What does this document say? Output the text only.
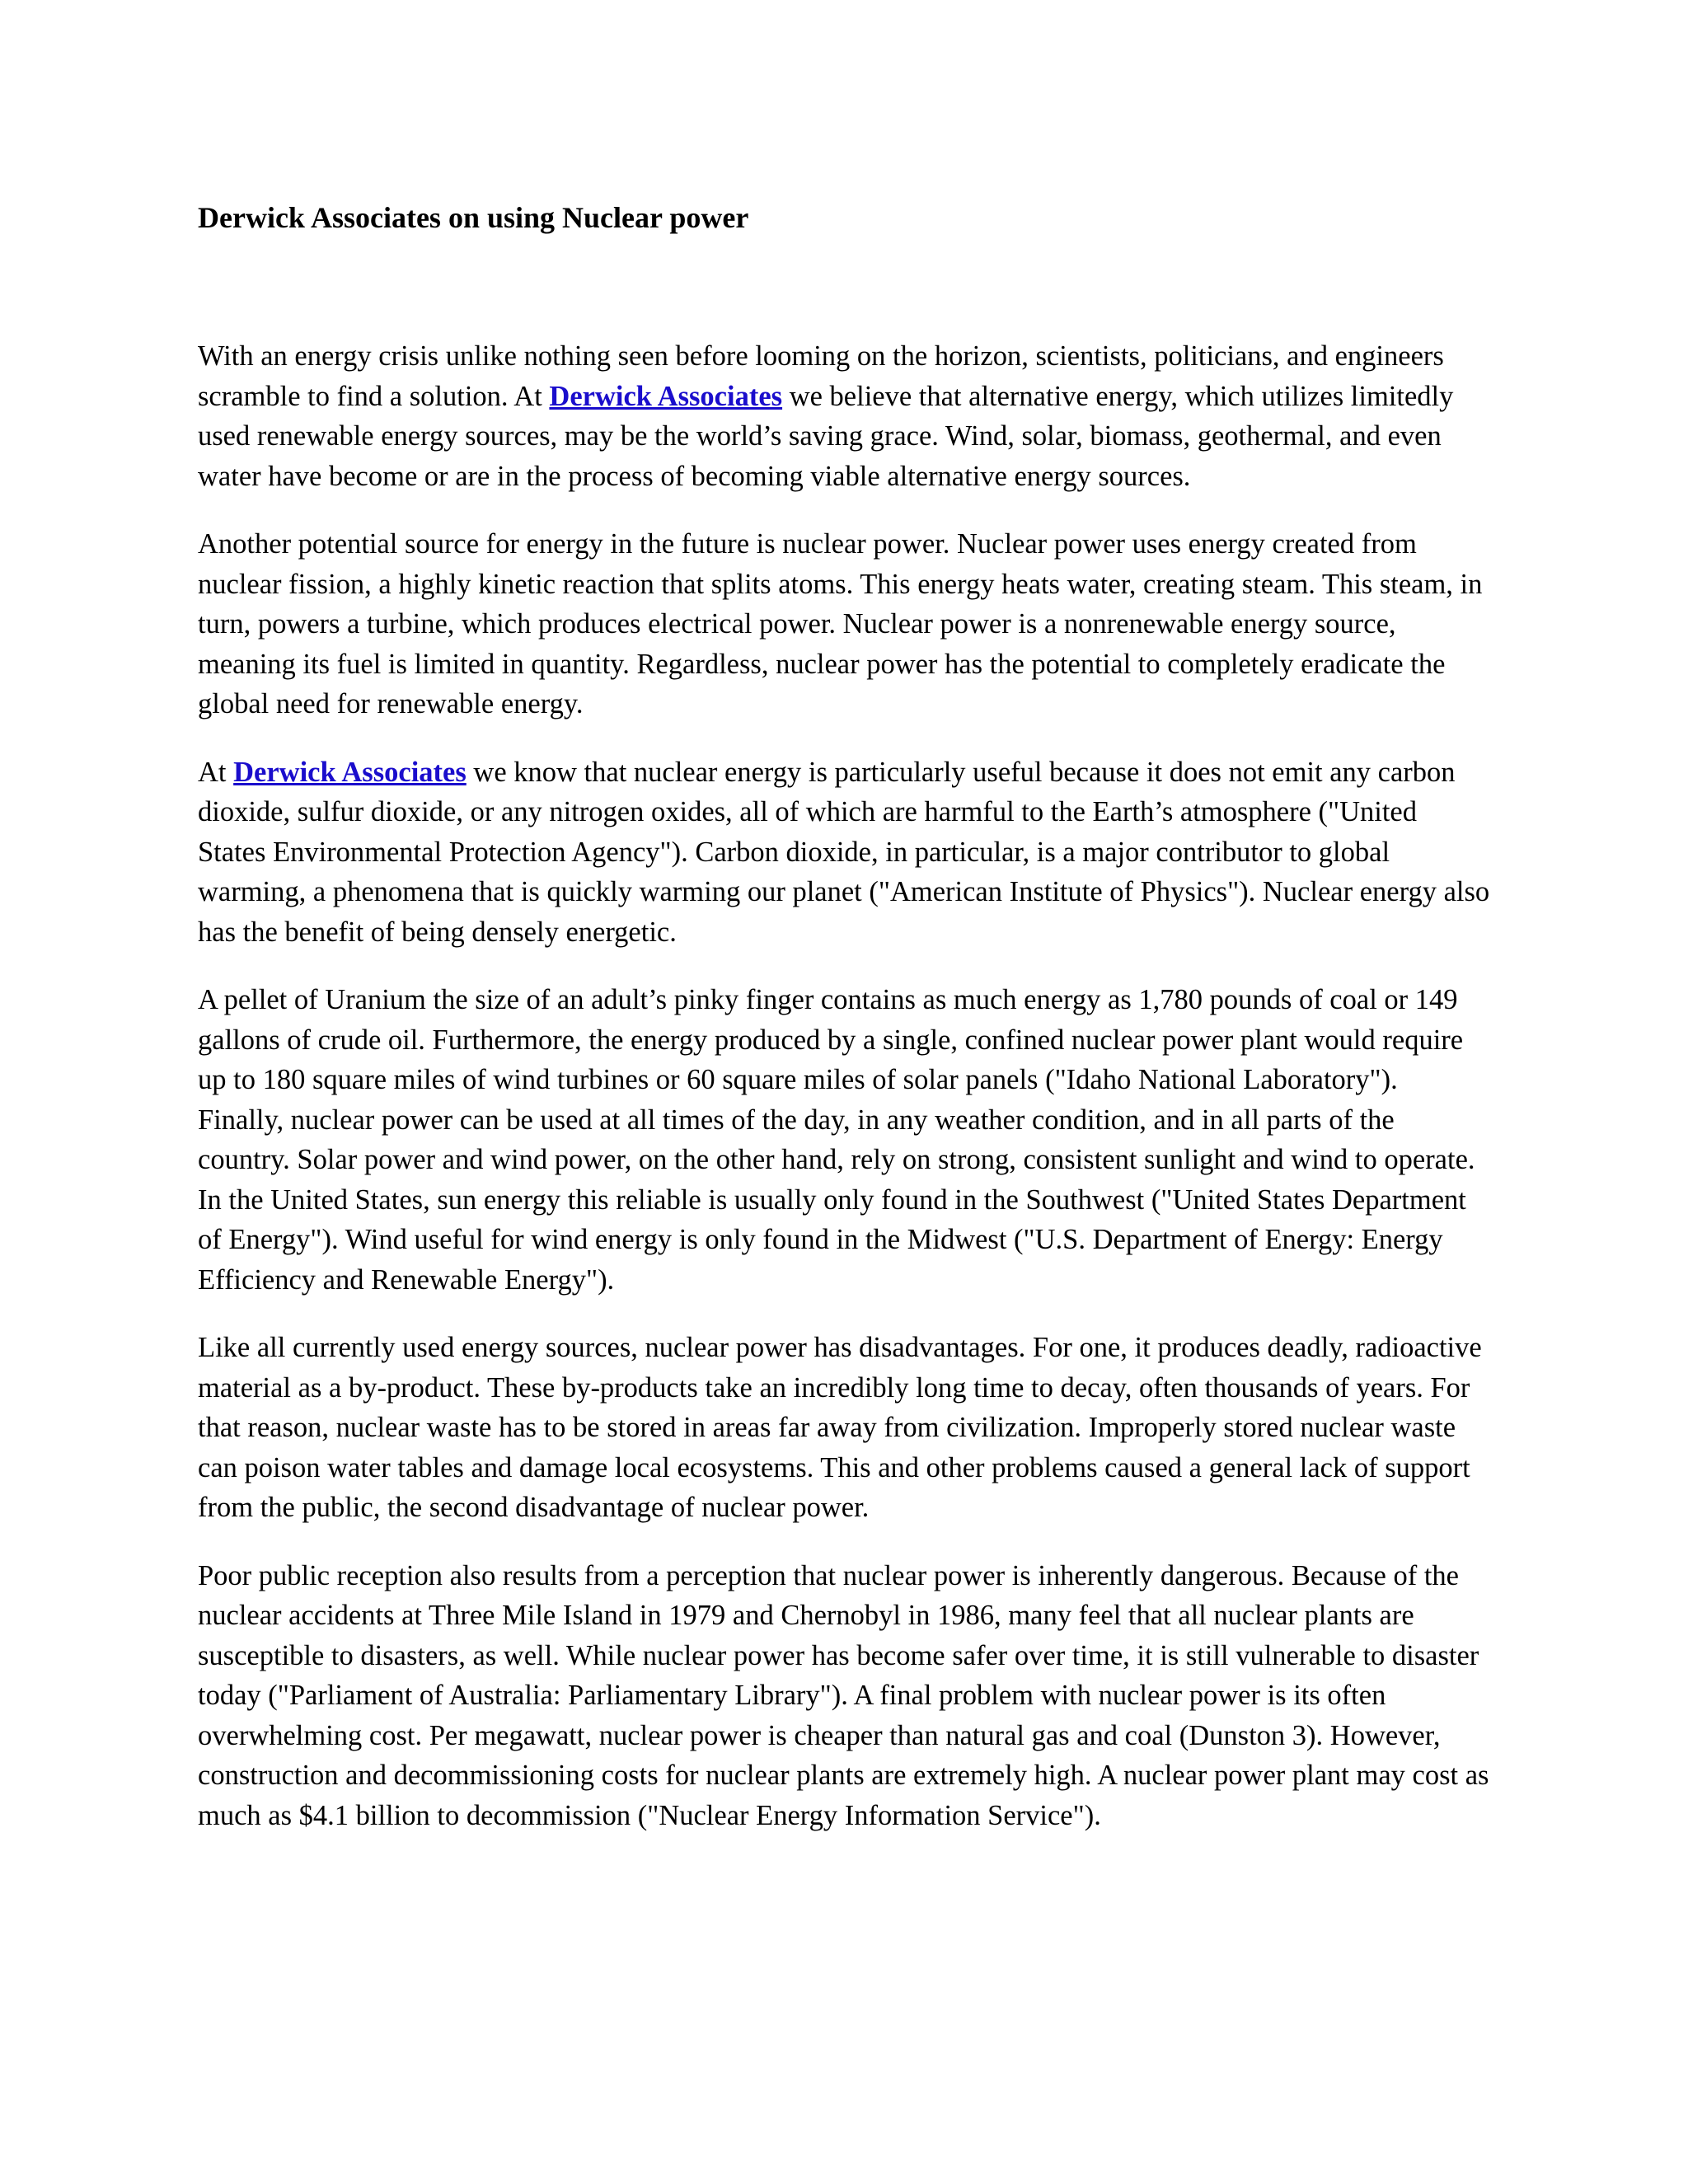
Derwick Associates on using Nuclear power

With an energy crisis unlike nothing seen before looming on the horizon, scientists, politicians, and engineers scramble to find a solution. At Derwick Associates we believe that alternative energy, which utilizes limitedly used renewable energy sources, may be the world’s saving grace. Wind, solar, biomass, geothermal, and even water have become or are in the process of becoming viable alternative energy sources.

Another potential source for energy in the future is nuclear power. Nuclear power uses energy created from nuclear fission, a highly kinetic reaction that splits atoms. This energy heats water, creating steam. This steam, in turn, powers a turbine, which produces electrical power. Nuclear power is a nonrenewable energy source, meaning its fuel is limited in quantity. Regardless, nuclear power has the potential to completely eradicate the global need for renewable energy.

At Derwick Associates we know that nuclear energy is particularly useful because it does not emit any carbon dioxide, sulfur dioxide, or any nitrogen oxides, all of which are harmful to the Earth’s atmosphere ("United States Environmental Protection Agency"). Carbon dioxide, in particular, is a major contributor to global warming, a phenomena that is quickly warming our planet ("American Institute of Physics"). Nuclear energy also has the benefit of being densely energetic.

A pellet of Uranium the size of an adult’s pinky finger contains as much energy as 1,780 pounds of coal or 149 gallons of crude oil. Furthermore, the energy produced by a single, confined nuclear power plant would require up to 180 square miles of wind turbines or 60 square miles of solar panels ("Idaho National Laboratory"). Finally, nuclear power can be used at all times of the day, in any weather condition, and in all parts of the country. Solar power and wind power, on the other hand, rely on strong, consistent sunlight and wind to operate. In the United States, sun energy this reliable is usually only found in the Southwest ("United States Department of Energy"). Wind useful for wind energy is only found in the Midwest ("U.S. Department of Energy: Energy Efficiency and Renewable Energy").

Like all currently used energy sources, nuclear power has disadvantages. For one, it produces deadly, radioactive material as a by-product. These by-products take an incredibly long time to decay, often thousands of years. For that reason, nuclear waste has to be stored in areas far away from civilization. Improperly stored nuclear waste can poison water tables and damage local ecosystems. This and other problems caused a general lack of support from the public, the second disadvantage of nuclear power.

Poor public reception also results from a perception that nuclear power is inherently dangerous. Because of the nuclear accidents at Three Mile Island in 1979 and Chernobyl in 1986, many feel that all nuclear plants are susceptible to disasters, as well. While nuclear power has become safer over time, it is still vulnerable to disaster today ("Parliament of Australia: Parliamentary Library"). A final problem with nuclear power is its often overwhelming cost. Per megawatt, nuclear power is cheaper than natural gas and coal (Dunston 3). However, construction and decommissioning costs for nuclear plants are extremely high. A nuclear power plant may cost as much as $4.1 billion to decommission ("Nuclear Energy Information Service").
